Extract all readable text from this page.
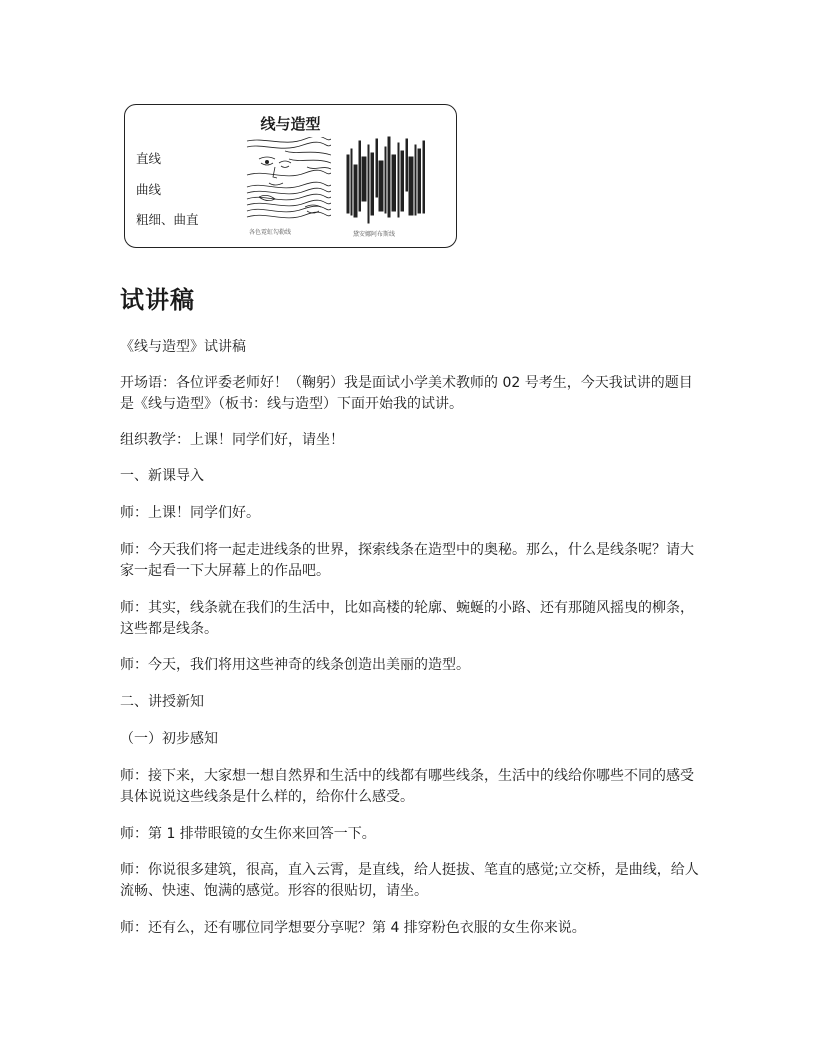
线与造型
直线
曲线
粗细、曲直
各色霓虹勾勒线	黛安娜阿布斯线
试讲稿
《线与造型》试讲稿
开场语：各位评委老师好！（鞠躬）我是面试小学美术教师的 02 号考生，今天我试讲的题目是《线与造型》（板书：线与造型）下面开始我的试讲。
组织教学：上课！同学们好，请坐！
一、新课导入
师：上课！同学们好。
师：今天我们将一起走进线条的世界，探索线条在造型中的奥秘。那么，什么是线条呢？请大家一起看一下大屏幕上的作品吧。
师：其实，线条就在我们的生活中，比如高楼的轮廓、蜿蜒的小路、还有那随风摇曳的柳条，这些都是线条。
师：今天，我们将用这些神奇的线条创造出美丽的造型。
二、讲授新知
（一）初步感知
师：接下来，大家想一想自然界和生活中的线都有哪些线条，生活中的线给你哪些不同的感受具体说说这些线条是什么样的，给你什么感受。
师：第 1 排带眼镜的女生你来回答一下。
师：你说很多建筑，很高，直入云霄，是直线，给人挺拔、笔直的感觉;立交桥，是曲线，给人流畅、快速、饱满的感觉。形容的很贴切，请坐。
师：还有么，还有哪位同学想要分享呢？第 4 排穿粉色衣服的女生你来说。
